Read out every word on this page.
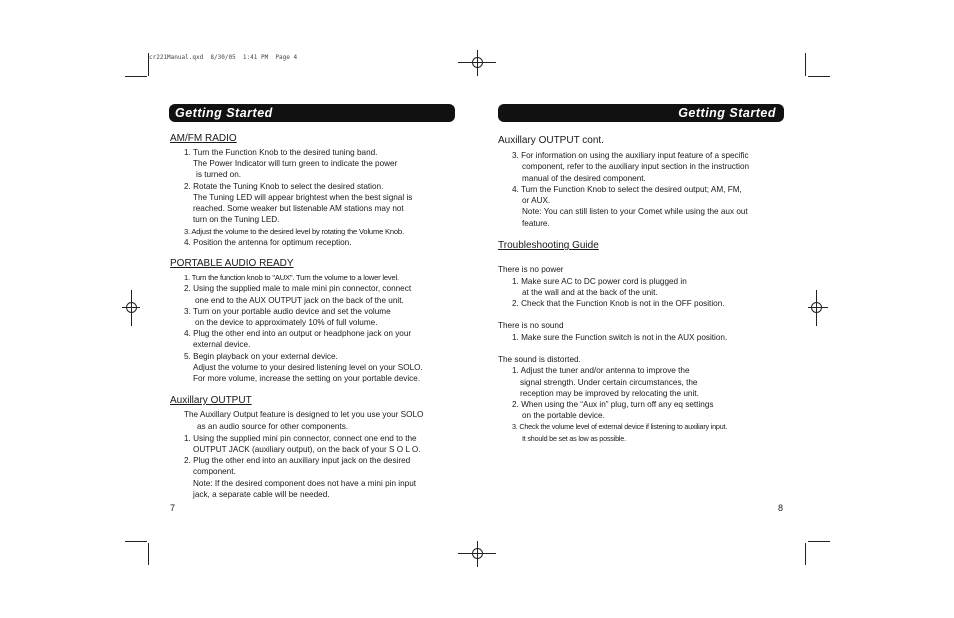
cr221Manual.qxd  8/30/05  1:41 PM  Page 4
Getting Started
AM/FM RADIO
1. Turn the Function Knob to the desired tuning band.
The Power Indicator will turn green to indicate the power
is turned on.
2. Rotate the Tuning Knob to select the desired station.
The Tuning LED will appear brightest when the best signal is
reached. Some weaker but listenable AM stations may not
turn on the Tuning LED.
3. Adjust the volume to the desired level by rotating the Volume Knob.
4. Position the antenna for optimum reception.
PORTABLE AUDIO READY
1. Turn the function knob to "AUX". Turn the volume to a lower level.
2. Using the supplied male to male mini pin connector, connect
one end to the AUX OUTPUT jack on the back of the unit.
3. Turn on your portable audio device and set the volume
on the device to approximately 10% of full volume.
4. Plug the other end into an output or headphone jack on your
external device.
5. Begin playback on your external device.
Adjust the volume to your desired listening level on your SOLO.
For more volume, increase the setting on your portable device.
Auxillary OUTPUT
The Auxillary Output feature is designed to let you use your SOLO
as an audio source for other components.
1. Using the supplied mini pin connector, connect one end to the
OUTPUT JACK (auxiliary output), on the back of your S O L O.
2. Plug the other end into an auxiliary input jack on the desired
component.
Note: If the desired component does not have a mini pin input
jack, a separate cable will be needed.
7
Getting Started
Auxillary OUTPUT cont.
3. For information on using the auxiliary input feature of a specific
component, refer to the auxiliary input section in the instruction
manual of the desired component.
4. Turn the Function Knob to select the desired output; AM, FM,
or AUX.
Note: You can still listen to your Comet while using the aux out
feature.
Troubleshooting Guide
There is no power
1. Make sure AC to DC power cord is plugged in
at the wall and at the back of the unit.
2. Check that the Function Knob is not in the OFF position.
There is no sound
1. Make sure the Function switch is not in the AUX position.
The sound is distorted.
1. Adjust the tuner and/or antenna to improve the
signal strength. Under certain circumstances, the
reception may be improved by relocating the unit.
2. When using the “Aux in” plug, turn off any eq settings
on the portable device.
3. Check the volume level of external device if listening to auxiliary input.
It should be set as low as possible.
8
